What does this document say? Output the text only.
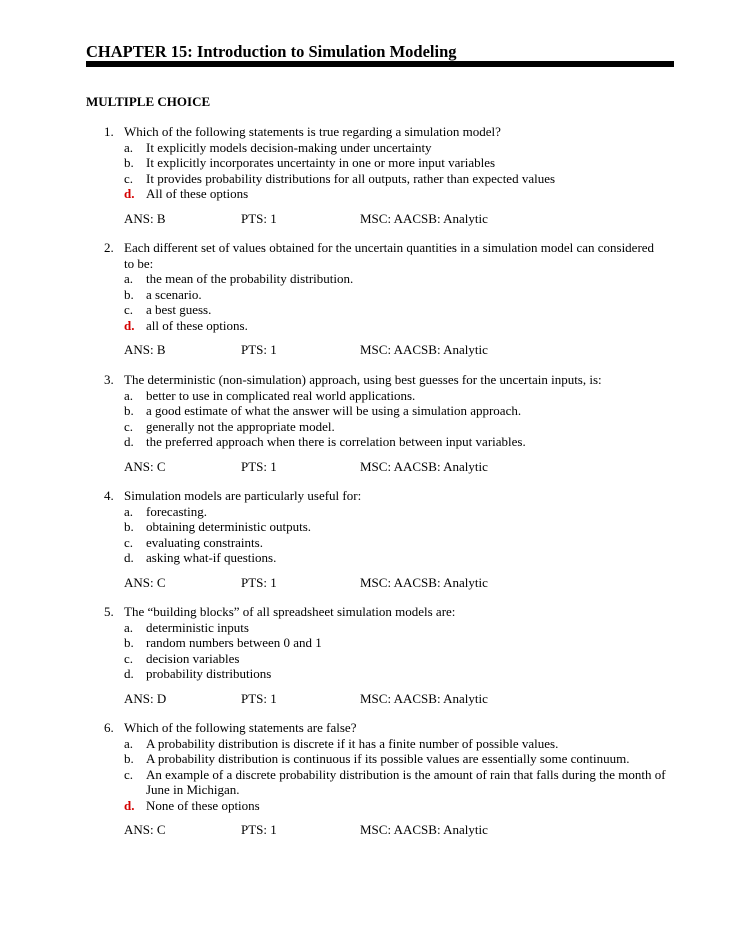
CHAPTER 15: Introduction to Simulation Modeling
MULTIPLE CHOICE
1. Which of the following statements is true regarding a simulation model?
a. It explicitly models decision-making under uncertainty
b. It explicitly incorporates uncertainty in one or more input variables
c. It provides probability distributions for all outputs, rather than expected values
d. All of these options
ANS: B	PTS: 1	MSC: AACSB: Analytic
2. Each different set of values obtained for the uncertain quantities in a simulation model can considered to be:
a. the mean of the probability distribution.
b. a scenario.
c. a best guess.
d. all of these options.
ANS: B	PTS: 1	MSC: AACSB: Analytic
3. The deterministic (non-simulation) approach, using best guesses for the uncertain inputs, is:
a. better to use in complicated real world applications.
b. a good estimate of what the answer will be using a simulation approach.
c. generally not the appropriate model.
d. the preferred approach when there is correlation between input variables.
ANS: C	PTS: 1	MSC: AACSB: Analytic
4. Simulation models are particularly useful for:
a. forecasting.
b. obtaining deterministic outputs.
c. evaluating constraints.
d. asking what-if questions.
ANS: C	PTS: 1	MSC: AACSB: Analytic
5. The “building blocks” of all spreadsheet simulation models are:
a. deterministic inputs
b. random numbers between 0 and 1
c. decision variables
d. probability distributions
ANS: D	PTS: 1	MSC: AACSB: Analytic
6. Which of the following statements are false?
a. A probability distribution is discrete if it has a finite number of possible values.
b. A probability distribution is continuous if its possible values are essentially some continuum.
c. An example of a discrete probability distribution is the amount of rain that falls during the month of June in Michigan.
d. None of these options
ANS: C	PTS: 1	MSC: AACSB: Analytic
